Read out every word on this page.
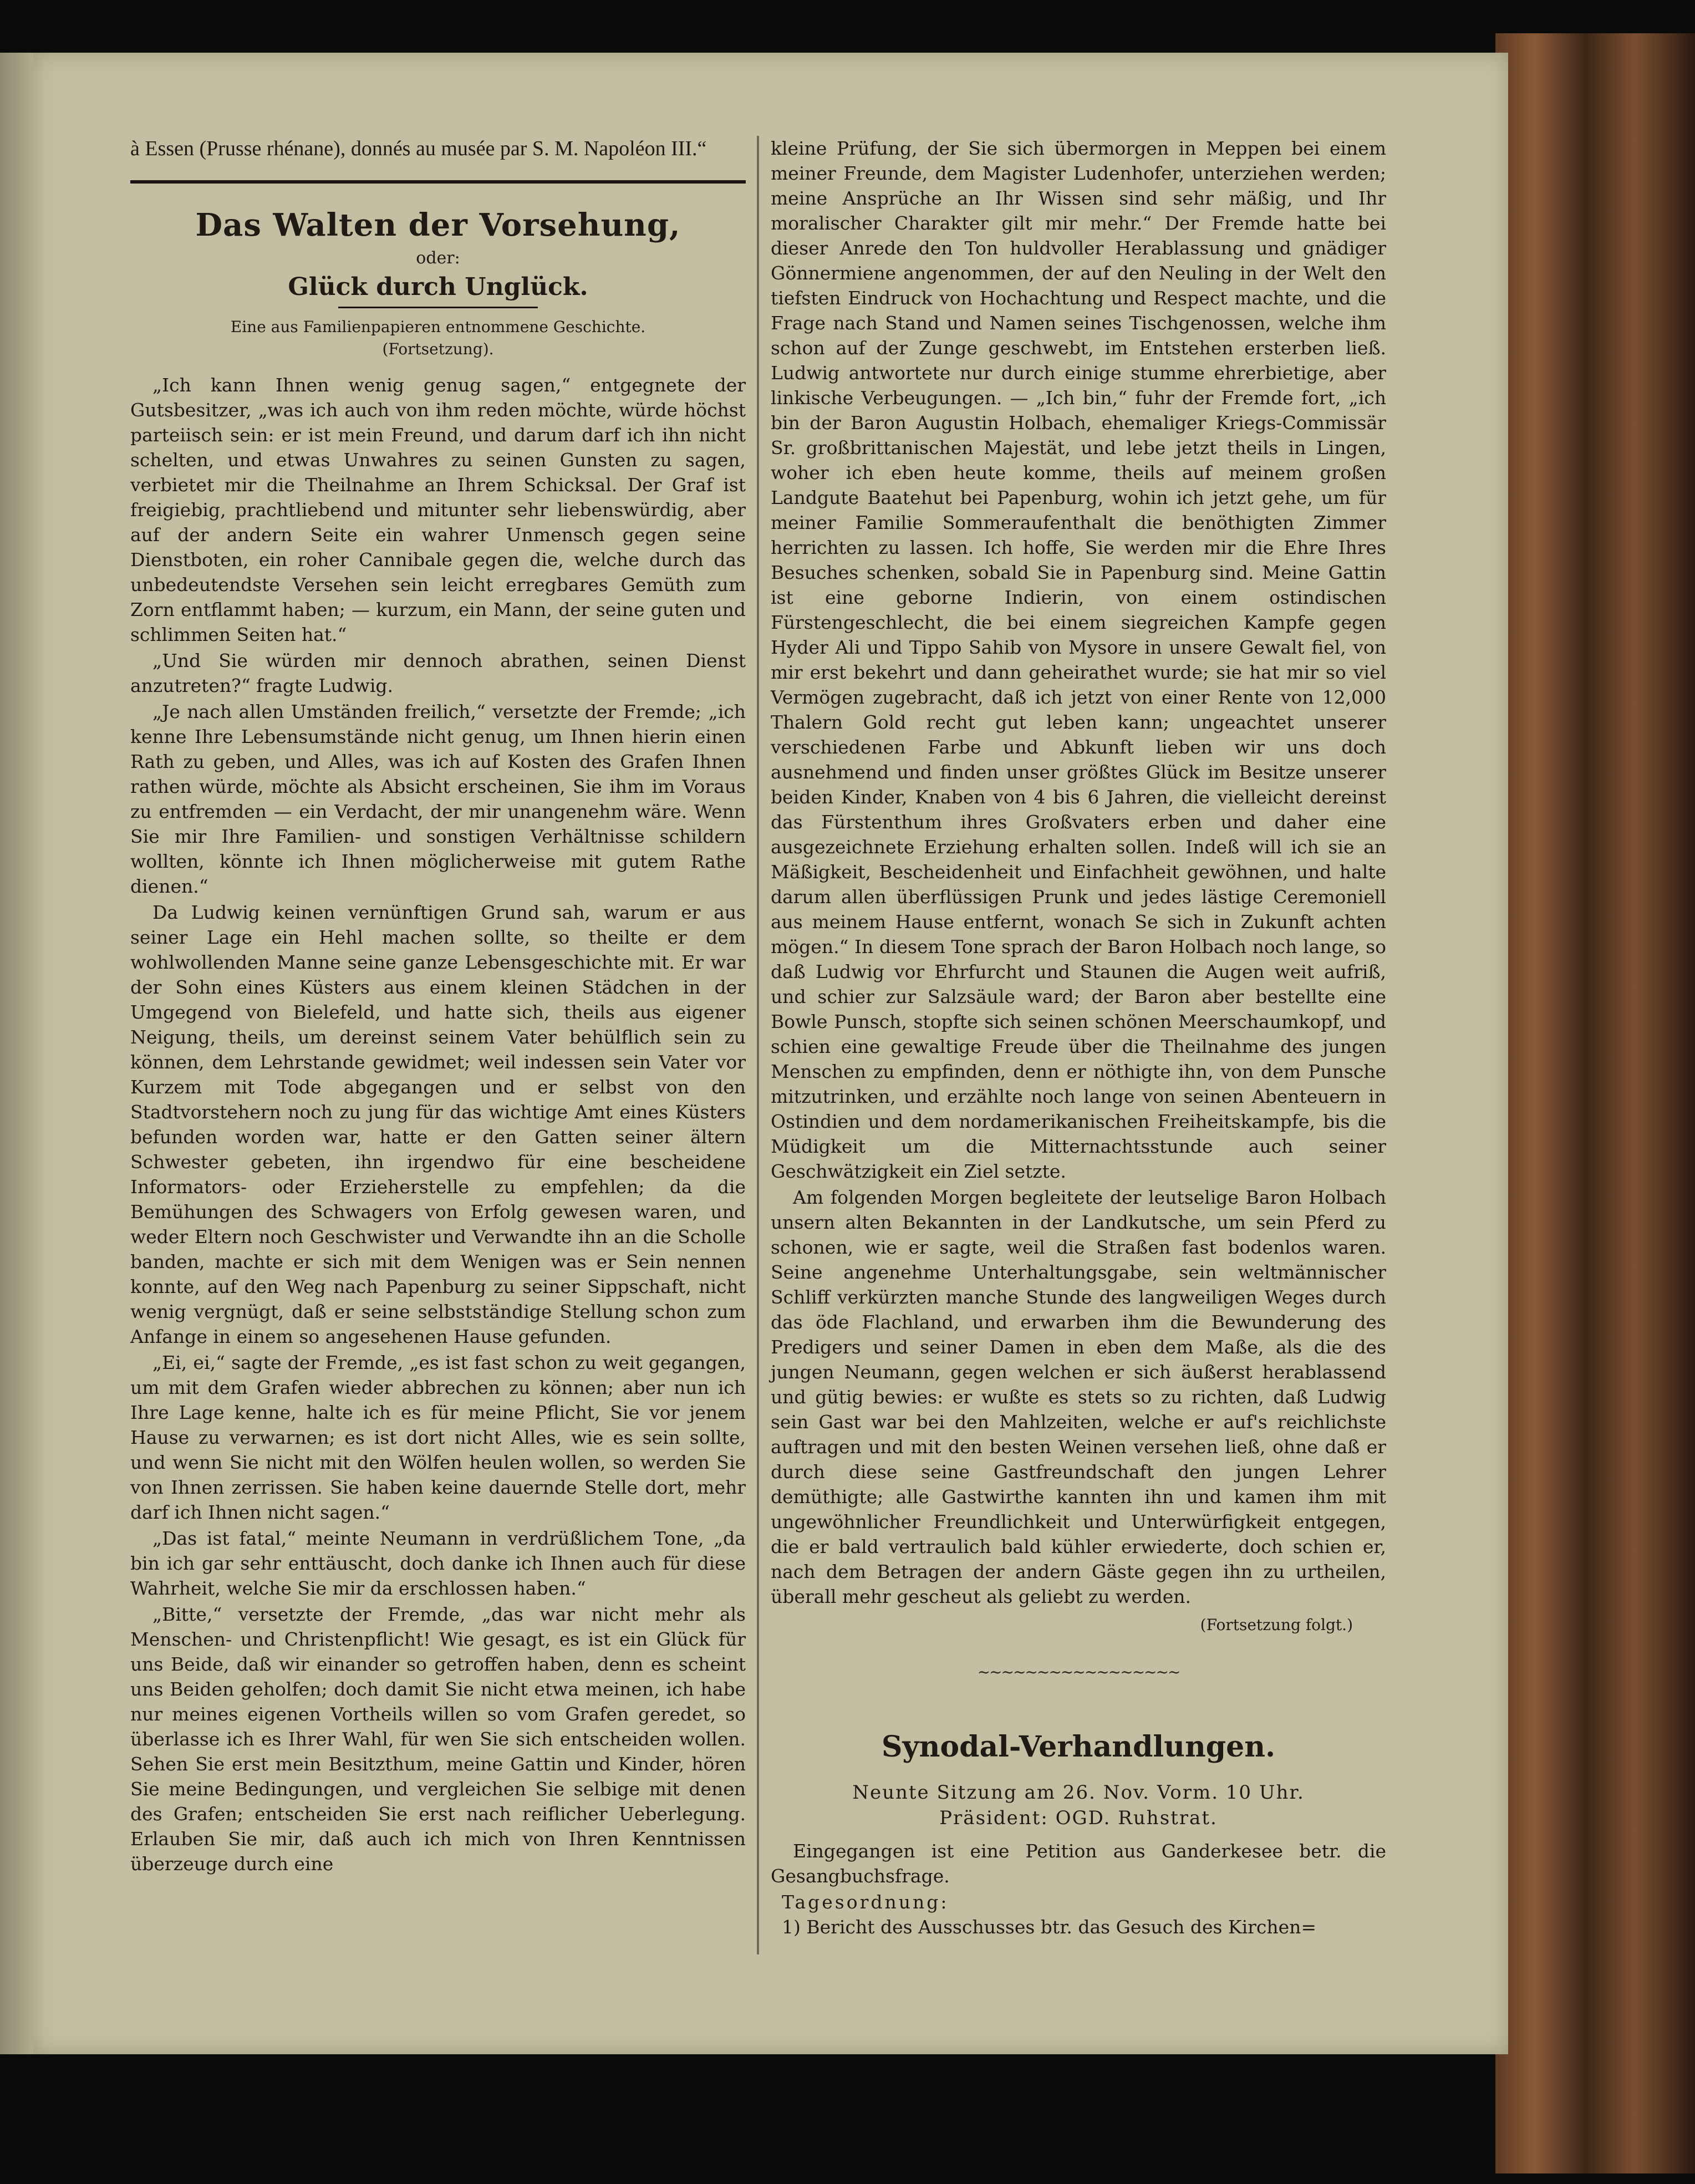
à Essen (Prusse rhénane), donnés au musée par S. M. Napoléon III.“
Das Walten der Vorsehung,
oder:
Glück durch Unglück.
Eine aus Familienpapieren entnommene Geschichte.
(Fortsetzung).

„Ich kann Ihnen wenig genug sagen,“ entgegnete der Gutsbesitzer, „was ich auch von ihm reden möchte, würde höchst parteiisch sein: er ist mein Freund, und darum darf ich ihn nicht schelten, und etwas Unwahres zu seinen Gunsten zu sagen, verbietet mir die Theilnahme an Ihrem Schicksal. Der Graf ist freigiebig, prachtliebend und mitunter sehr liebenswürdig, aber auf der andern Seite ein wahrer Unmensch gegen seine Dienstboten, ein roher Cannibale gegen die, welche durch das unbedeutendste Versehen sein leicht erregbares Gemüth zum Zorn entflammt haben; — kurzum, ein Mann, der seine guten und schlimmen Seiten hat.“

„Und Sie würden mir dennoch abrathen, seinen Dienst anzutreten?“ fragte Ludwig.

„Je nach allen Umständen freilich,“ versetzte der Fremde; „ich kenne Ihre Lebensumstände nicht genug, um Ihnen hierin einen Rath zu geben, und Alles, was ich auf Kosten des Grafen Ihnen rathen würde, möchte als Absicht erscheinen, Sie ihm im Voraus zu entfremden — ein Verdacht, der mir unangenehm wäre. Wenn Sie mir Ihre Familien- und sonstigen Verhältnisse schildern wollten, könnte ich Ihnen möglicherweise mit gutem Rathe dienen.“

Da Ludwig keinen vernünftigen Grund sah, warum er aus seiner Lage ein Hehl machen sollte, so theilte er dem wohlwollenden Manne seine ganze Lebensgeschichte mit. Er war der Sohn eines Küsters aus einem kleinen Städchen in der Umgegend von Bielefeld, und hatte sich, theils aus eigener Neigung, theils, um dereinst seinem Vater behülflich sein zu können, dem Lehrstande gewidmet; weil indessen sein Vater vor Kurzem mit Tode abgegangen und er selbst von den Stadtvorstehern noch zu jung für das wichtige Amt eines Küsters befunden worden war, hatte er den Gatten seiner ältern Schwester gebeten, ihn irgendwo für eine bescheidene Informators- oder Erzieherstelle zu empfehlen; da die Bemühungen des Schwagers von Erfolg gewesen waren, und weder Eltern noch Geschwister und Verwandte ihn an die Scholle banden, machte er sich mit dem Wenigen was er Sein nennen konnte, auf den Weg nach Papenburg zu seiner Sippschaft, nicht wenig vergnügt, daß er seine selbstständige Stellung schon zum Anfange in einem so angesehenen Hause gefunden.

„Ei, ei,“ sagte der Fremde, „es ist fast schon zu weit gegangen, um mit dem Grafen wieder abbrechen zu können; aber nun ich Ihre Lage kenne, halte ich es für meine Pflicht, Sie vor jenem Hause zu verwarnen; es ist dort nicht Alles, wie es sein sollte, und wenn Sie nicht mit den Wölfen heulen wollen, so werden Sie von Ihnen zerrissen. Sie haben keine dauernde Stelle dort, mehr darf ich Ihnen nicht sagen.“

„Das ist fatal,“ meinte Neumann in verdrüßlichem Tone, „da bin ich gar sehr enttäuscht, doch danke ich Ihnen auch für diese Wahrheit, welche Sie mir da erschlossen haben.“

„Bitte,“ versetzte der Fremde, „das war nicht mehr als Menschen- und Christenpflicht! Wie gesagt, es ist ein Glück für uns Beide, daß wir einander so getroffen haben, denn es scheint uns Beiden geholfen; doch damit Sie nicht etwa meinen, ich habe nur meines eigenen Vortheils willen so vom Grafen geredet, so überlasse ich es Ihrer Wahl, für wen Sie sich entscheiden wollen. Sehen Sie erst mein Besitzthum, meine Gattin und Kinder, hören Sie meine Bedingungen, und vergleichen Sie selbige mit denen des Grafen; entscheiden Sie erst nach reiflicher Ueberlegung. Erlauben Sie mir, daß auch ich mich von Ihren Kenntnissen überzeuge durch eine

kleine Prüfung, der Sie sich übermorgen in Meppen bei einem meiner Freunde, dem Magister Ludenhofer, unterziehen werden; meine Ansprüche an Ihr Wissen sind sehr mäßig, und Ihr moralischer Charakter gilt mir mehr.“ Der Fremde hatte bei dieser Anrede den Ton huldvoller Herablassung und gnädiger Gönnermiene angenommen, der auf den Neuling in der Welt den tiefsten Eindruck von Hochachtung und Respect machte, und die Frage nach Stand und Namen seines Tischgenossen, welche ihm schon auf der Zunge geschwebt, im Entstehen ersterben ließ. Ludwig antwortete nur durch einige stumme ehrerbietige, aber linkische Verbeugungen. — „Ich bin,“ fuhr der Fremde fort, „ich bin der Baron Augustin Holbach, ehemaliger Kriegs-Commissär Sr. großbrittanischen Majestät, und lebe jetzt theils in Lingen, woher ich eben heute komme, theils auf meinem großen Landgute Baatehut bei Papenburg, wohin ich jetzt gehe, um für meiner Familie Sommeraufenthalt die benöthigten Zimmer herrichten zu lassen. Ich hoffe, Sie werden mir die Ehre Ihres Besuches schenken, sobald Sie in Papenburg sind. Meine Gattin ist eine geborne Indierin, von einem ostindischen Fürstengeschlecht, die bei einem siegreichen Kampfe gegen Hyder Ali und Tippo Sahib von Mysore in unsere Gewalt fiel, von mir erst bekehrt und dann geheirathet wurde; sie hat mir so viel Vermögen zugebracht, daß ich jetzt von einer Rente von 12,000 Thalern Gold recht gut leben kann; ungeachtet unserer verschiedenen Farbe und Abkunft lieben wir uns doch ausnehmend und finden unser größtes Glück im Besitze unserer beiden Kinder, Knaben von 4 bis 6 Jahren, die vielleicht dereinst das Fürstenthum ihres Großvaters erben und daher eine ausgezeichnete Erziehung erhalten sollen. Indeß will ich sie an Mäßigkeit, Bescheidenheit und Einfachheit gewöhnen, und halte darum allen überflüssigen Prunk und jedes lästige Ceremoniell aus meinem Hause entfernt, wonach Se sich in Zukunft achten mögen.“ In diesem Tone sprach der Baron Holbach noch lange, so daß Ludwig vor Ehrfurcht und Staunen die Augen weit aufriß, und schier zur Salzsäule ward; der Baron aber bestellte eine Bowle Punsch, stopfte sich seinen schönen Meerschaumkopf, und schien eine gewaltige Freude über die Theilnahme des jungen Menschen zu empfinden, denn er nöthigte ihn, von dem Punsche mitzutrinken, und erzählte noch lange von seinen Abenteuern in Ostindien und dem nordamerikanischen Freiheitskampfe, bis die Müdigkeit um die Mitternachtsstunde auch seiner Geschwätzigkeit ein Ziel setzte.

Am folgenden Morgen begleitete der leutselige Baron Holbach unsern alten Bekannten in der Landkutsche, um sein Pferd zu schonen, wie er sagte, weil die Straßen fast bodenlos waren. Seine angenehme Unterhaltungsgabe, sein weltmännischer Schliff verkürzten manche Stunde des langweiligen Weges durch das öde Flachland, und erwarben ihm die Bewunderung des Predigers und seiner Damen in eben dem Maße, als die des jungen Neumann, gegen welchen er sich äußerst herablassend und gütig bewies: er wußte es stets so zu richten, daß Ludwig sein Gast war bei den Mahlzeiten, welche er auf's reichlichste auftragen und mit den besten Weinen versehen ließ, ohne daß er durch diese seine Gastfreundschaft den jungen Lehrer demüthigte; alle Gastwirthe kannten ihn und kamen ihm mit ungewöhnlicher Freundlichkeit und Unterwürfigkeit entgegen, die er bald vertraulich bald kühler erwiederte, doch schien er, nach dem Betragen der andern Gäste gegen ihn zu urtheilen, überall mehr gescheut als geliebt zu werden.

(Fortsetzung folgt.)
~~~~~~~~~~~~~~~~~
Synodal-Verhandlungen.
Neunte Sitzung am 26. Nov. Vorm. 10 Uhr.
Präsident: OGD. Ruhstrat.

Eingegangen ist eine Petition aus Ganderkesee betr. die Gesangbuchsfrage.

Tagesordnung:

1) Bericht des Ausschusses btr. das Gesuch des Kirchen=
